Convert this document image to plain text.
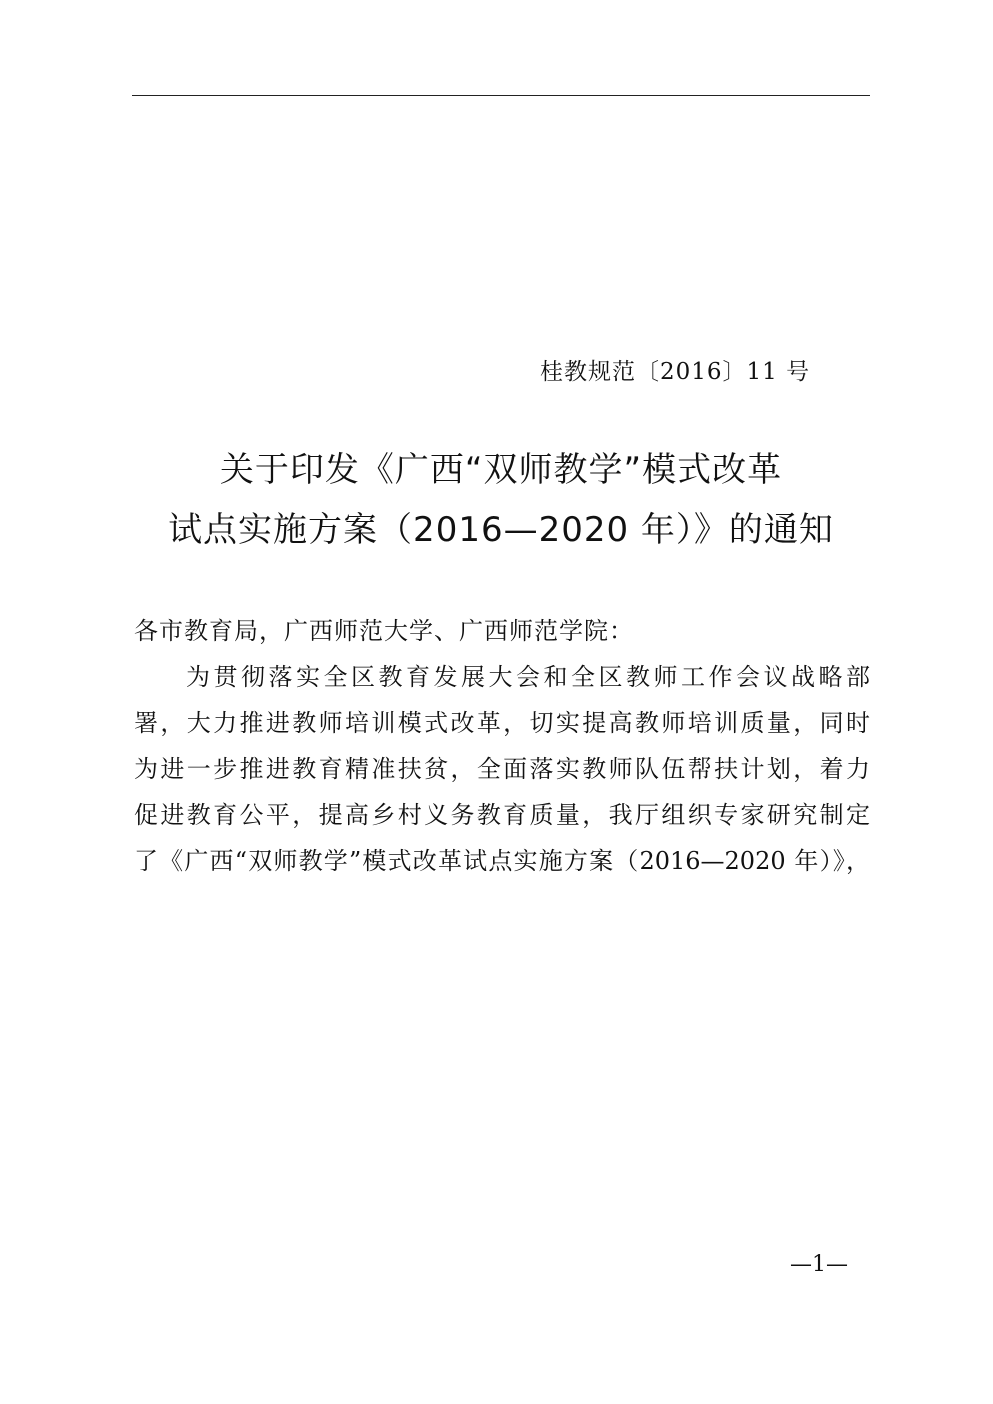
桂教规范〔2016〕11 号
关于印发《广西“双师教学”模式改革
试点实施方案（2016—2020 年）》的通知
各市教育局，广西师范大学、广西师范学院：
为贯彻落实全区教育发展大会和全区教师工作会议战略部
署，大力推进教师培训模式改革，切实提高教师培训质量，同时
为进一步推进教育精准扶贫，全面落实教师队伍帮扶计划，着力
促进教育公平，提高乡村义务教育质量，我厅组织专家研究制定
了《广西“双师教学”模式改革试点实施方案（2016—2020 年）》，
—1—
